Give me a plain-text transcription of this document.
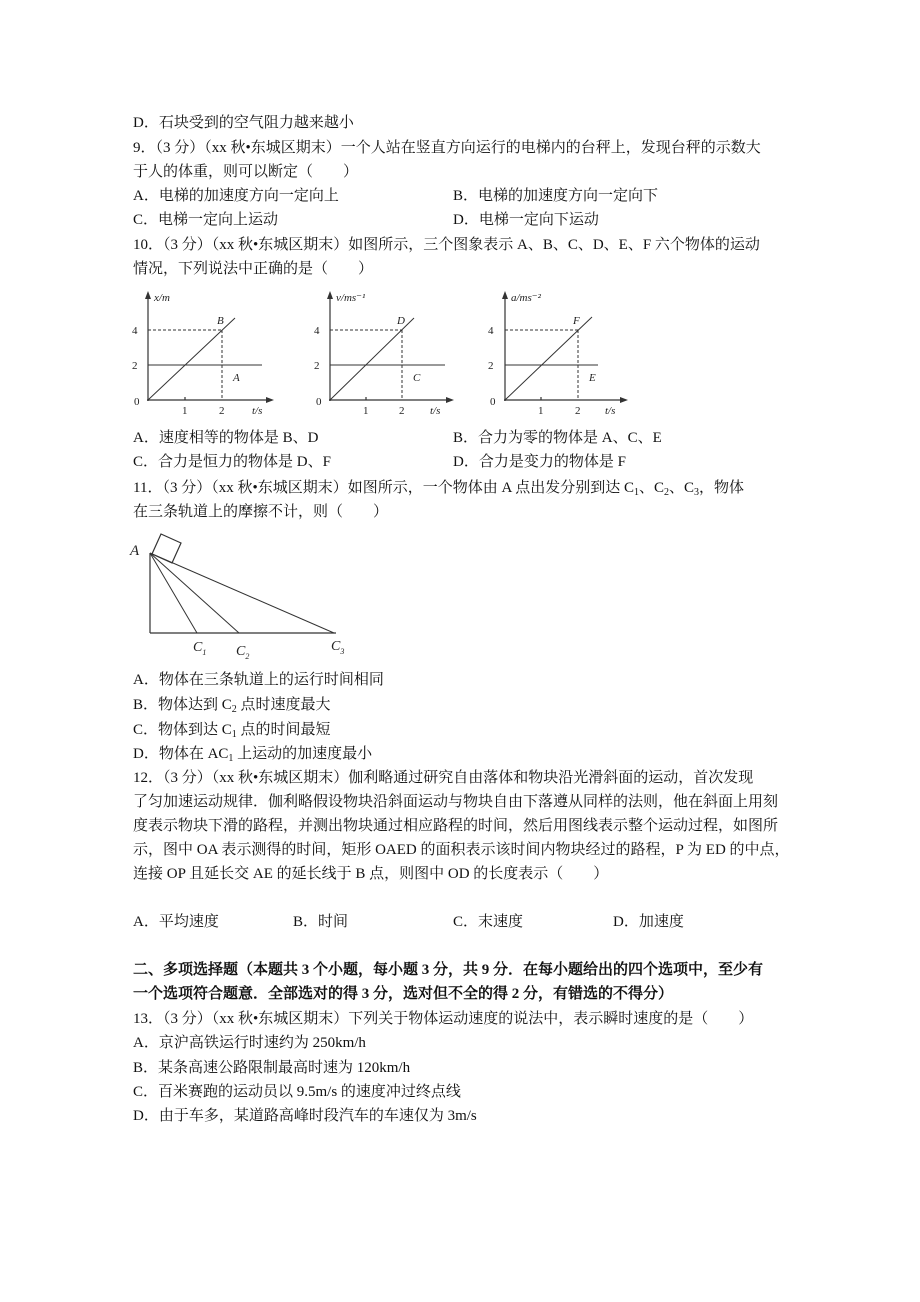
D．石块受到的空气阻力越来越小
9．（3 分）（xx 秋•东城区期末）一个人站在竖直方向运行的电梯内的台秤上，发现台秤的示数大
于人的体重，则可以断定（　　）
A．电梯的加速度方向一定向上	B．电梯的加速度方向一定向下
C．电梯一定向上运动	D．电梯一定向下运动
10．（3 分）（xx 秋•东城区期末）如图所示，三个图象表示 A、B、C、D、E、F 六个物体的运动
情况，下列说法中正确的是（　　）
x/m
4
2
0
1	2	t/s
B
A
v/ms⁻¹
4
2
0
1	2 t/s
D
C
a/ms⁻²
4
2
0
1	2 t/s
F
E
A．速度相等的物体是 B、D	B．合力为零的物体是 A、C、E
C．合力是恒力的物体是 D、F	D．合力是变力的物体是 F
11．（3 分）（xx 秋•东城区期末）如图所示，一个物体由 A 点出发分别到达 $C_1$、$C_2$、$C_3$，物体
在三条轨道上的摩擦不计，则（　　）
A
$C_1$ $C_2$
$C_3$
A．物体在三条轨道上的运行时间相同
B．物体达到 $C_2$ 点时速度最大
C．物体到达 $C_1$ 点的时间最短
D．物体在 $AC_1$ 上运动的加速度最小
12．（3 分）（xx 秋•东城区期末）伽利略通过研究自由落体和物块沿光滑斜面的运动，首次发现
了匀加速运动规律．伽利略假设物块沿斜面运动与物块自由下落遵从同样的法则，他在斜面上用刻
度表示物块下滑的路程，并测出物块通过相应路程的时间，然后用图线表示整个运动过程，如图所
示，图中 OA 表示测得的时间，矩形 OAED 的面积表示该时间内物块经过的路程，P 为 ED 的中点，
连接 OP 且延长交 AE 的延长线于 B 点，则图中 OD 的长度表示（　　）
A．平均速度	B．时间	C．末速度	D．加速度
二、多项选择题（本题共 3 个小题，每小题 3 分，共 9 分．在每小题给出的四个选项中，至少有
一个选项符合题意．全部选对的得 3 分，选对但不全的得 2 分，有错选的不得分）
13．（3 分）（xx 秋•东城区期末）下列关于物体运动速度的说法中，表示瞬时速度的是（　　）
A．京沪高铁运行时速约为 250km/h
B．某条高速公路限制最高时速为 120km/h
C．百米赛跑的运动员以 9.5m/s 的速度冲过终点线
D．由于车多，某道路高峰时段汽车的车速仅为 3m/s
